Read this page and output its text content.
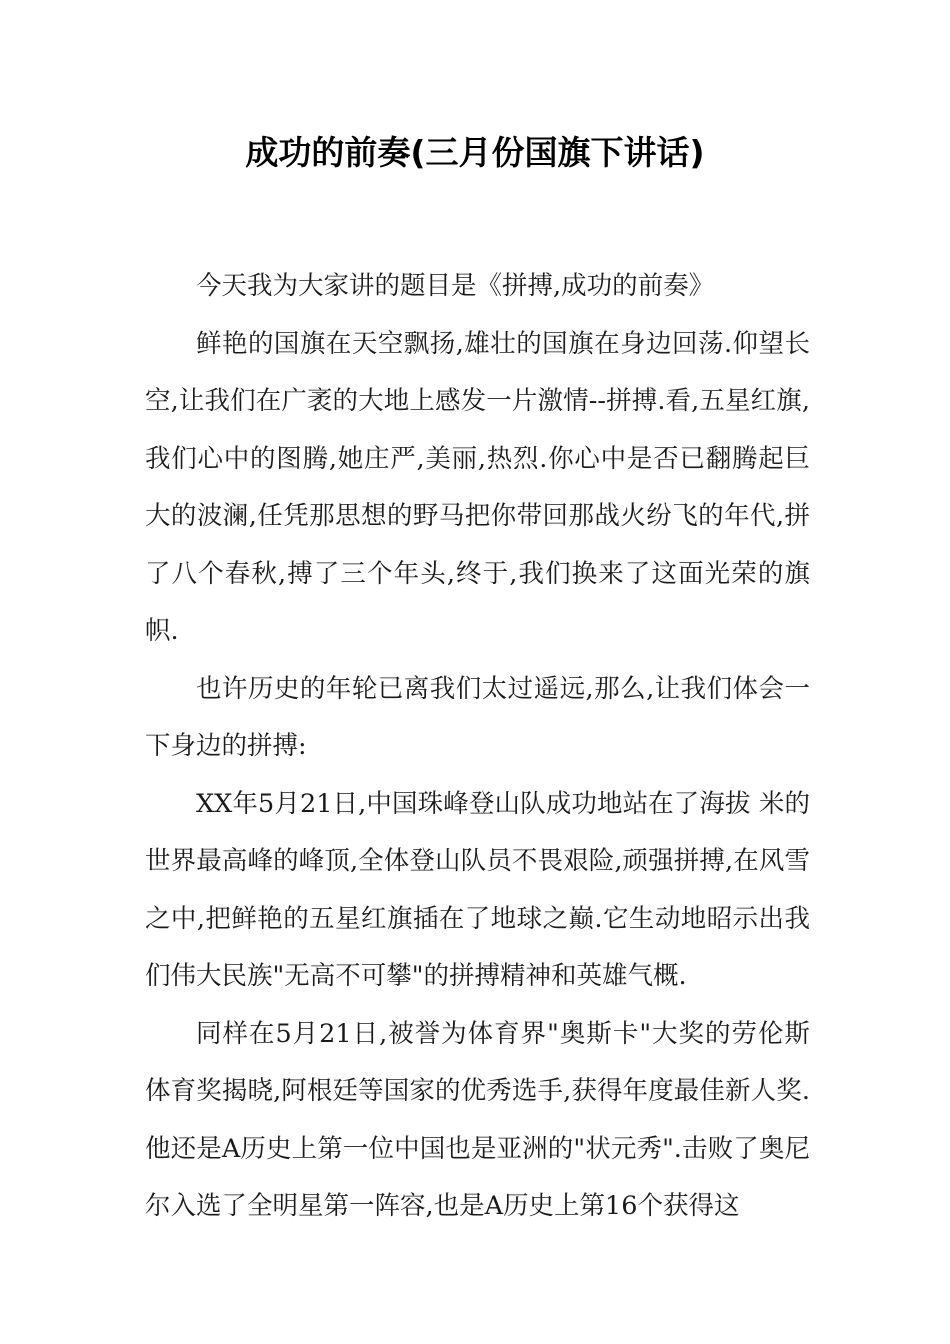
成功的前奏(三月份国旗下讲话)

今天我为大家讲的题目是《拼搏,成功的前奏》

鲜艳的国旗在天空飘扬,雄壮的国旗在身边回荡.仰望长空,让我们在广袤的大地上感发一片激情--拼搏.看,五星红旗,我们心中的图腾,她庄严,美丽,热烈.你心中是否已翻腾起巨大的波澜,任凭那思想的野马把你带回那战火纷飞的年代,拼了八个春秋,搏了三个年头,终于,我们换来了这面光荣的旗帜.

也许历史的年轮已离我们太过遥远,那么,让我们体会一下身边的拼搏:

XX年5月21日,中国珠峰登山队成功地站在了海拔 米的世界最高峰的峰顶,全体登山队员不畏艰险,顽强拼搏,在风雪之中,把鲜艳的五星红旗插在了地球之巅.它生动地昭示出我们伟大民族"无高不可攀"的拼搏精神和英雄气概.

同样在5月21日,被誉为体育界"奥斯卡"大奖的劳伦斯体育奖揭晓,阿根廷等国家的优秀选手,获得年度最佳新人奖.他还是A历史上第一位中国也是亚洲的"状元秀".击败了奥尼尔入选了全明星第一阵容,也是A历史上第16个获得这
